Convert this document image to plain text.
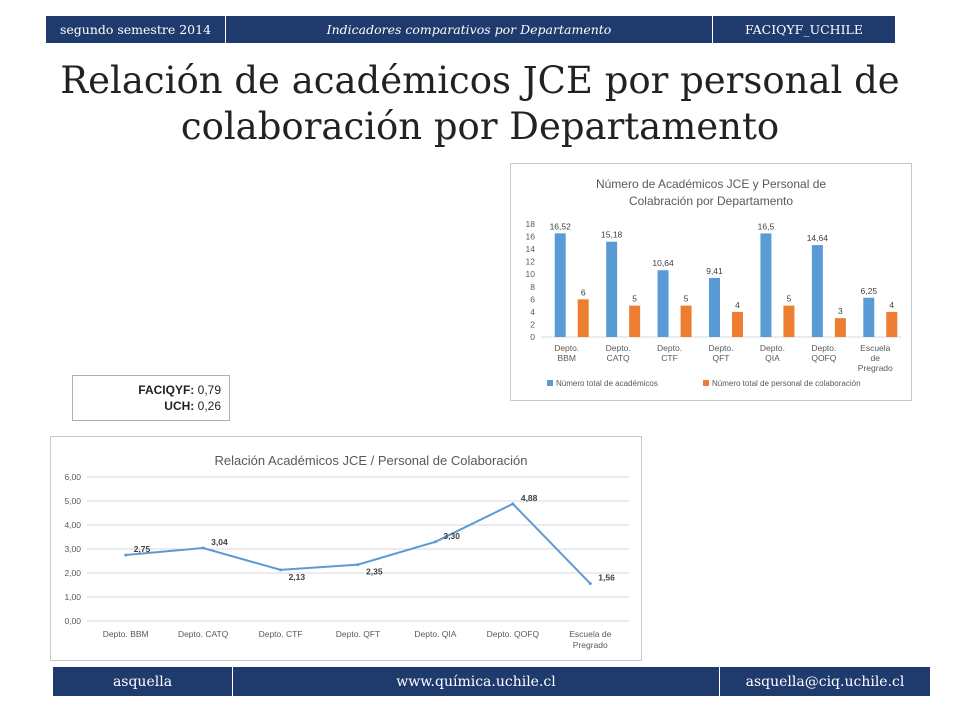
segundo semestre 2014	Indicadores comparativos por Departamento	FACIQYF_UCHILE
Relación de académicos JCE por personal de colaboración por Departamento
Número de Académicos JCE y Personal de
Colabración por Departamento
0
2
4
6
8
10
12
14
16
18 16,52
6
Depto.
BBM
15,18
5
Depto.
CATQ
10,64
5
Depto.
CTF
9,41
4
Depto.
QFT
16,5
5
Depto.
QIA
14,64
3
Depto.
QOFQ
6,25
4
Escuela
de
Pregrado
Número total de académicos	Número total de personal de colaboración
FACIQYF: 0,79
UCH: 0,26
Relación Académicos JCE / Personal de Colaboración
0,00
1,00
2,00
3,00
4,00
5,00
6,00
2,75
3,04
2,13
2,35
3,30
4,88
1,56
Depto. BBM	Depto. CATQ	Depto. CTF	Depto. QFT	Depto. QIA	Depto. QOFQ	Escuela de
Pregrado
asquella	www.química.uchile.cl	asquella@ciq.uchile.cl
